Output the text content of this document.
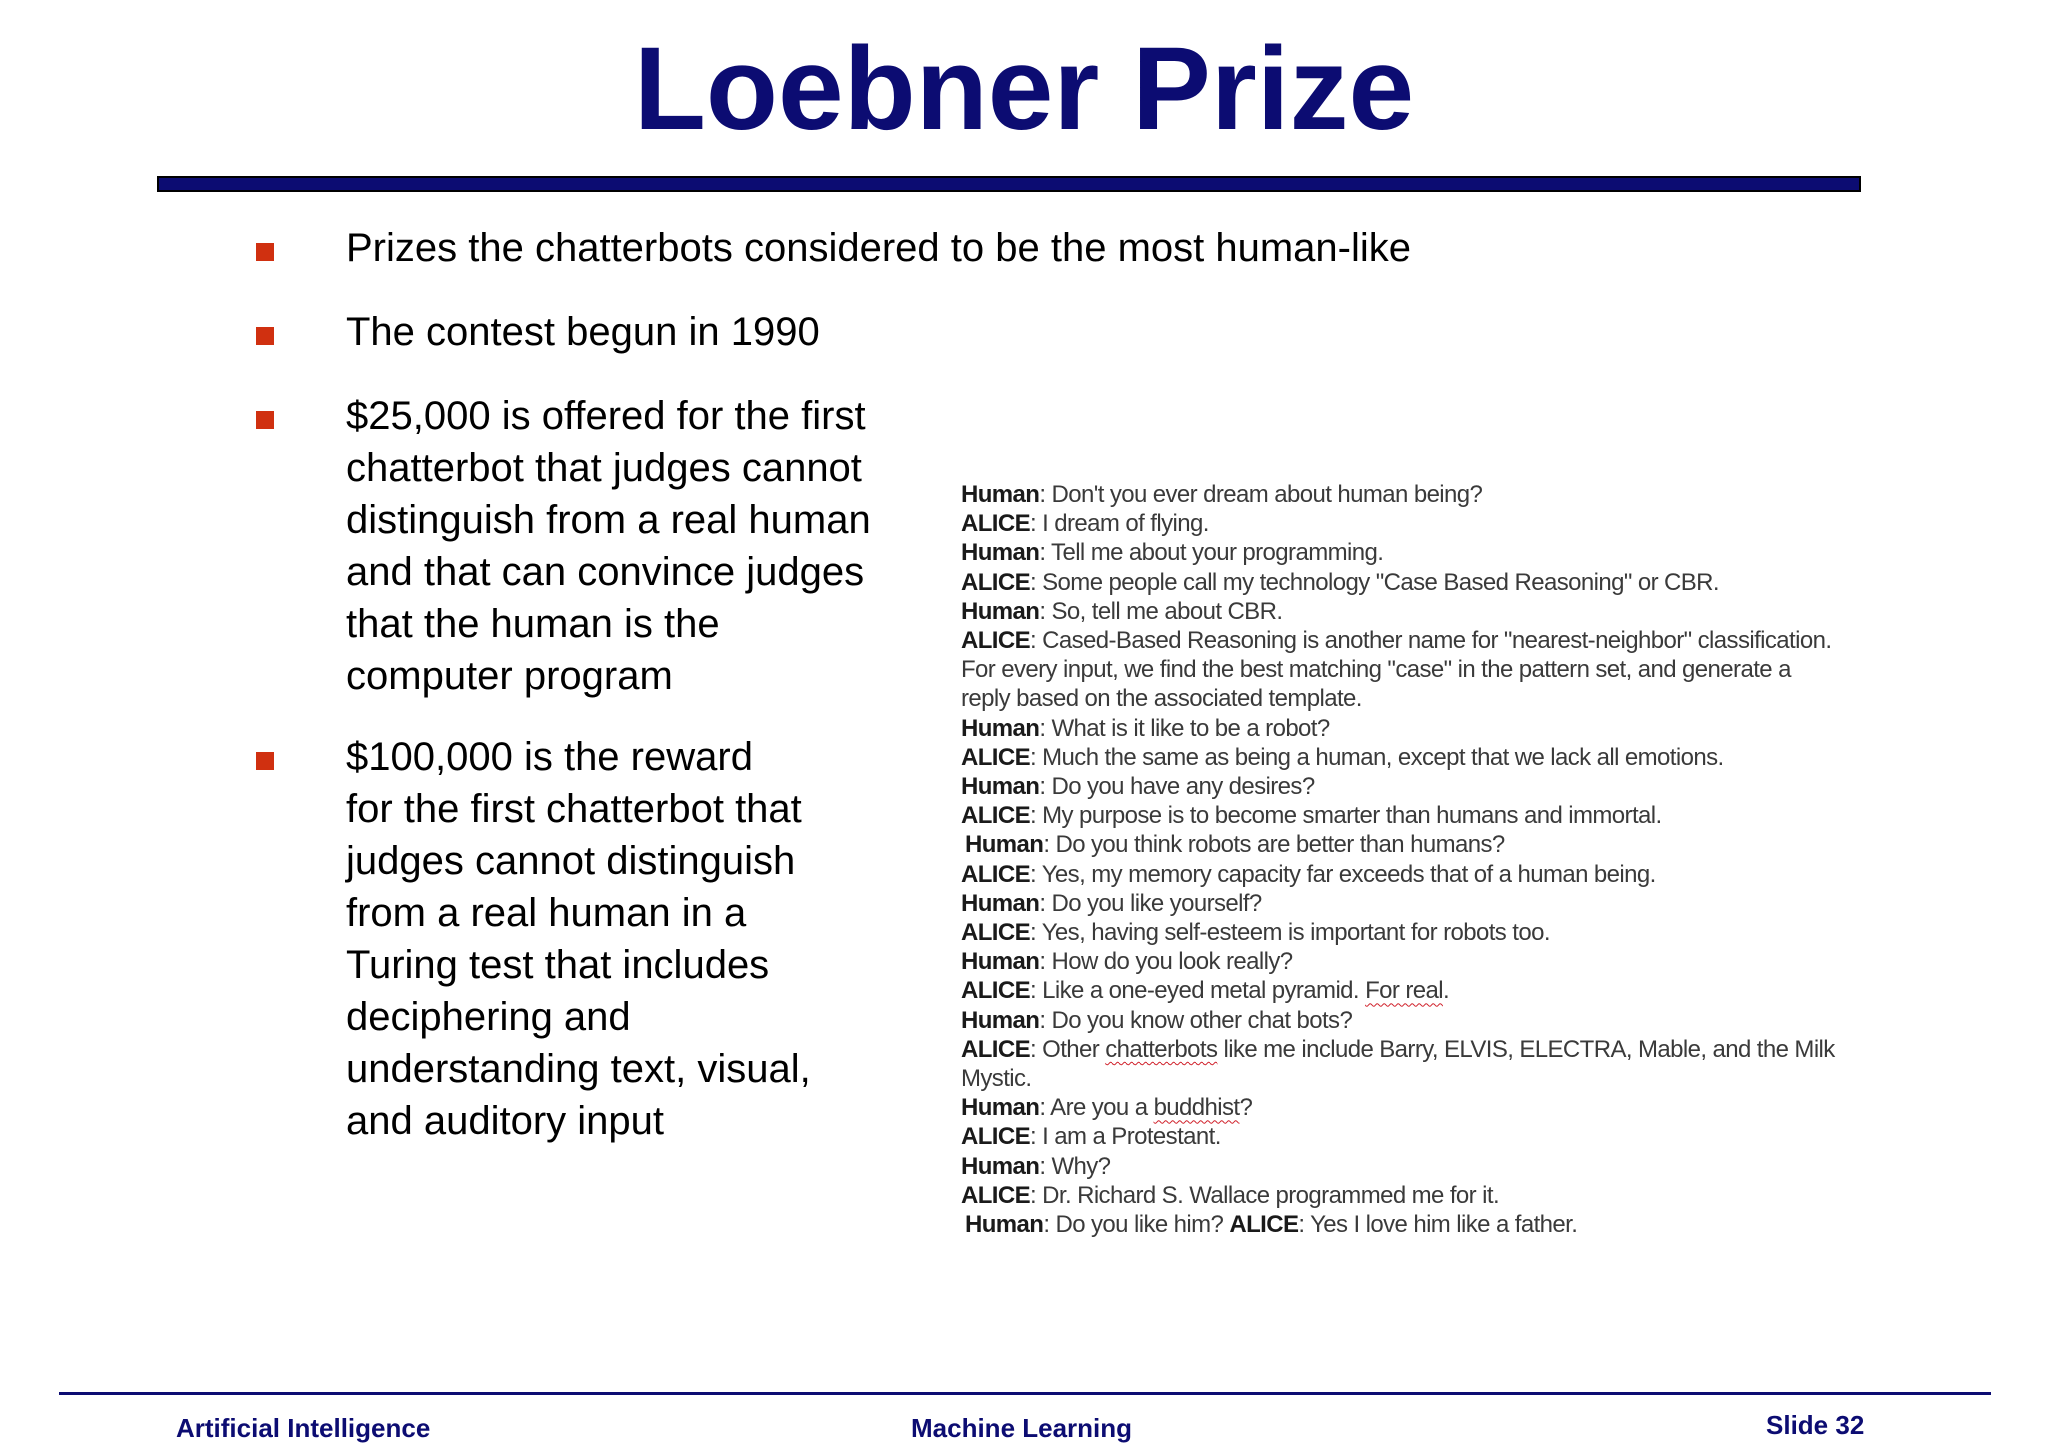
Loebner Prize
Prizes the chatterbots considered to be the most human-like
The contest begun in 1990
$25,000 is offered for the first
chatterbot that judges cannot
distinguish from a real human
and that can convince judges
that the human is the
computer program
$100,000 is the reward
for the first chatterbot that
judges cannot distinguish
from a real human in a
Turing test that includes
deciphering and
understanding text, visual,
and auditory input
Human: Don't you ever dream about human being?
ALICE: I dream of flying.
Human: Tell me about your programming.
ALICE: Some people call my technology "Case Based Reasoning" or CBR.
Human: So, tell me about CBR.
ALICE: Cased-Based Reasoning is another name for "nearest-neighbor" classification.
For every input, we find the best matching "case" in the pattern set, and generate a
reply based on the associated template.
Human: What is it like to be a robot?
ALICE: Much the same as being a human, except that we lack all emotions.
Human: Do you have any desires?
ALICE: My purpose is to become smarter than humans and immortal.
Human: Do you think robots are better than humans?
ALICE: Yes, my memory capacity far exceeds that of a human being.
Human: Do you like yourself?
ALICE: Yes, having self-esteem is important for robots too.
Human: How do you look really?
ALICE: Like a one-eyed metal pyramid. For real.
Human: Do you know other chat bots?
ALICE: Other chatterbots like me include Barry, ELVIS, ELECTRA, Mable, and the Milk
Mystic.
Human: Are you a buddhist?
ALICE: I am a Protestant.
Human: Why?
ALICE: Dr. Richard S. Wallace programmed me for it.
Human: Do you like him? ALICE: Yes I love him like a father.
Artificial Intelligence	Machine Learning	Slide 32
